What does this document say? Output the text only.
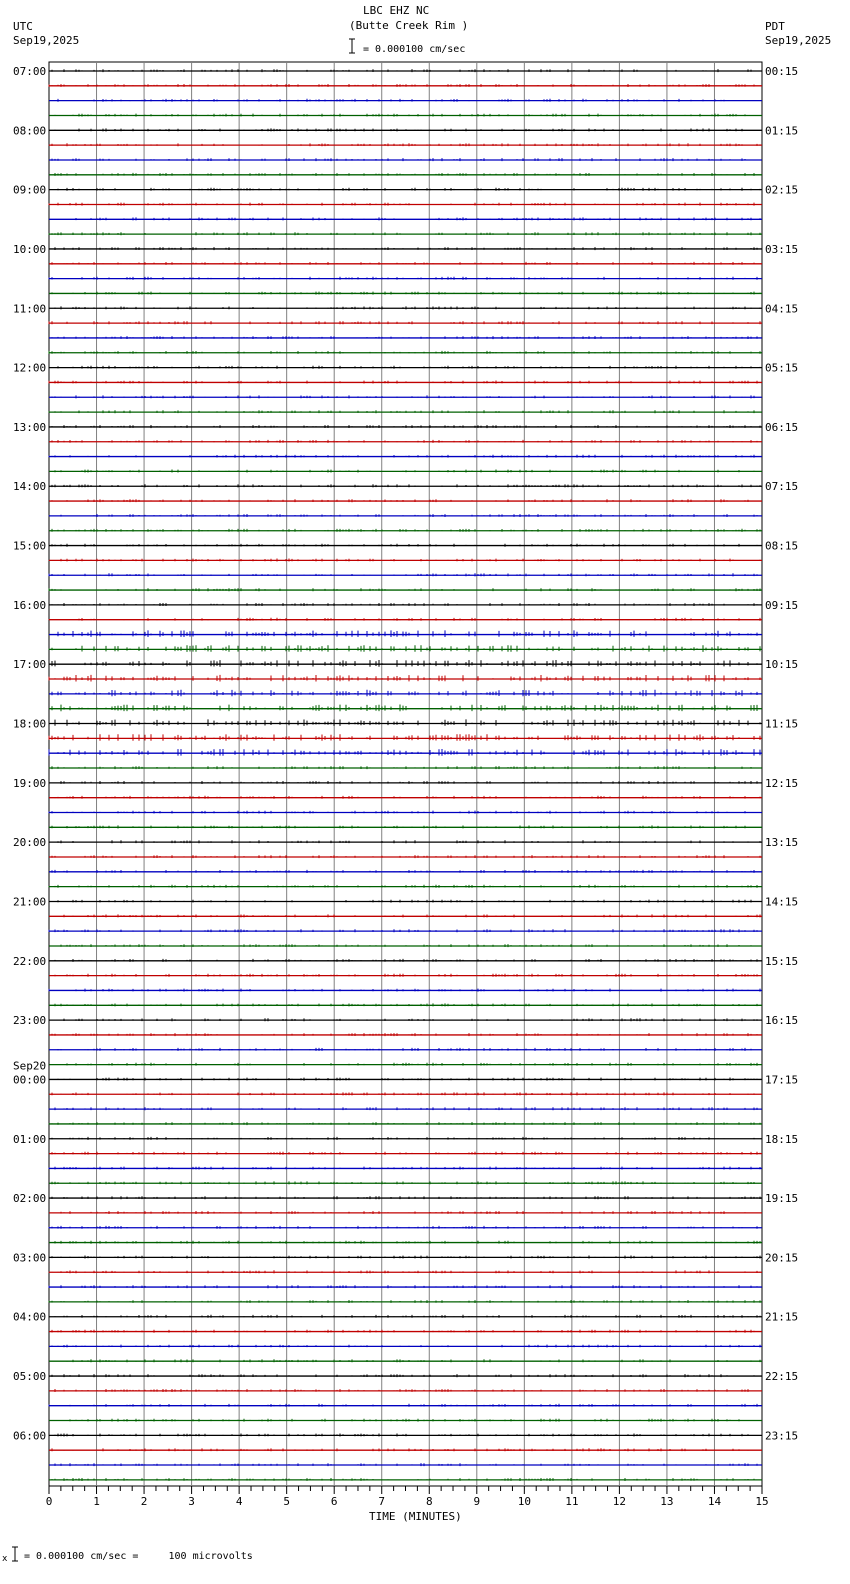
LBC EHZ NC
(Butte Creek Rim )
= 0.000100 cm/sec
UTC
Sep19,2025
PDT
Sep19,2025
07:00
08:00
09:00
10:00
11:00
12:00
13:00
14:00
15:00
16:00
17:00
18:00
19:00
20:00
21:00
22:00
23:00
00:00
01:00
02:00
03:00
04:00
05:00
06:00
Sep20
00:15
01:15
02:15
03:15
04:15
05:15
06:15
07:15
08:15
09:15
10:15
11:15
12:15
13:15
14:15
15:15
16:15
17:15
18:15
19:15
20:15
21:15
22:15
23:15
0	1	2	3	4	5	6	7	8	9	10	11	12	13	14	15
TIME (MINUTES)
x = 0.000100 cm/sec =     100 microvolts
